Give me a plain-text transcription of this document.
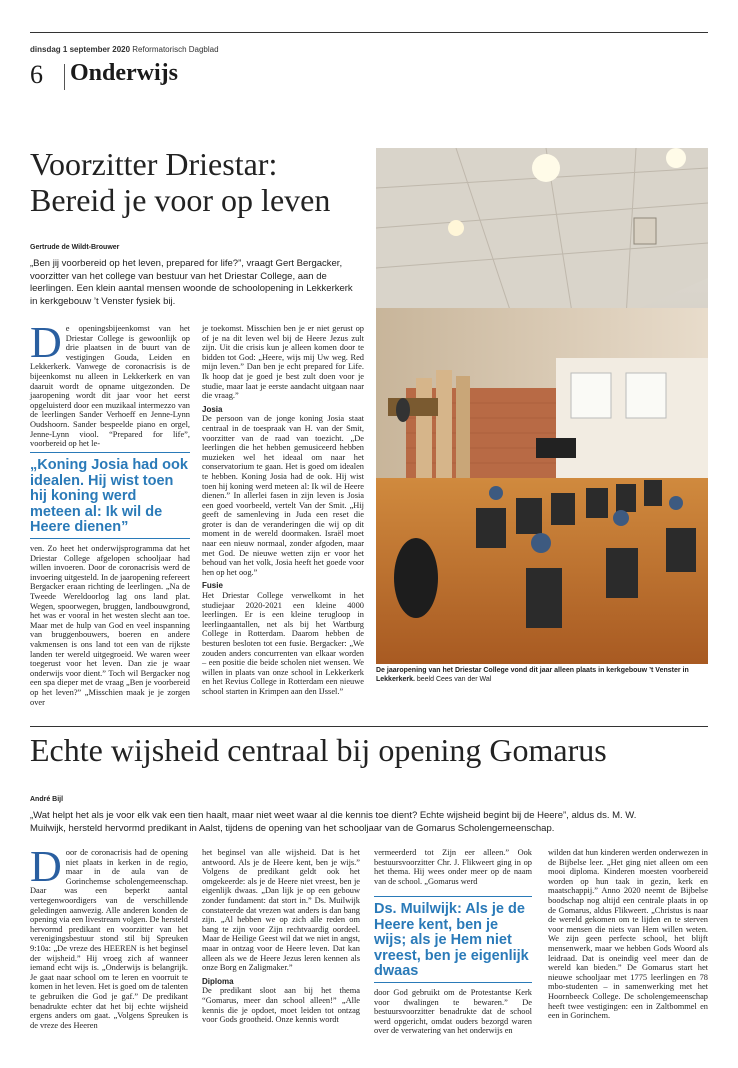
dinsdag 1 september 2020 Reformatorisch Dagblad
6 Onderwijs
Voorzitter Driestar: Bereid je voor op leven
Gertrude de Wildt-Brouwer
„Ben jij voorbereid op het leven, prepared for life?”, vraagt Gert Bergacker, voorzitter van het college van bestuur van het Driestar College, aan de leerlingen. Een klein aantal mensen woonde de schoolopening in Lekkerkerk in kerkgebouw ’t Venster fysiek bij.
De openingsbijeenkomst van het Driestar College is gewoonlijk op drie plaatsen in de buurt van de vestigingen Gouda, Leiden en Lekkerkerk. Vanwege de coronacrisis is de bijeenkomst nu alleen in Lekkerkerk en van daaruit wordt de opname uitgezonden. De jaaropening wordt dit jaar voor het eerst opgeluisterd door een muzikaal intermezzo van de leerlingen Sander Verhoeff en Jenne-Lynn Oudshoorn. Sander bespeelde piano en orgel, Jenne-Lynn viool. “Prepared for life”, voorbereid op het le-
„Koning Josia had ook idealen. Hij wist toen hij koning werd meteen al: Ik wil de Heere dienen”
ven. Zo heet het onderwijsprogramma dat het Driestar College afgelopen schooljaar had willen invoeren. Door de coronacrisis werd de invoering uitgesteld. In de jaaropening refereert Bergacker eraan richting de leerlingen. „Na de Tweede Wereldoorlog lag ons land plat. Wegen, spoorwegen, bruggen, landbouwgrond, het was er vooral in het westen slecht aan toe. Maar met de hulp van God en veel inspanning van bruggenbouwers, boeren en andere vakmensen is ons land tot een van de rijkste landen ter wereld uitgegroeid. We waren weer toegerust voor het leven. Dan zie je waar onderwijs voor dient.” Toch wil Bergacker nog een spa dieper met de vraag „Ben je voorbereid op het leven?” „Misschien maak je je zorgen over

je toekomst. Misschien ben je er niet gerust op of je na dit leven wel bij de Heere Jezus zult zijn. Uit die crisis kun je alleen komen door te bidden tot God: „Heere, wijs mij Uw weg. Red mijn leven.” Dan ben je echt prepared for Life. Ik hoop dat je goed je best zult doen voor je studie, maar laat je eerste aandacht uitgaan naar die vraag.”

Josia

De persoon van de jonge koning Josia staat centraal in de toespraak van H. van der Smit, voorzitter van de raad van toezicht. „De leerlingen die het hebben gemusiceerd hebben muzieken wel het ideaal om naar het conservatorium te gaan. Het is goed om idealen te hebben. Koning Josia had de ook. Hij wist toen hij koning werd meteen al: Ik wil de Heere dienen.” In allerlei fasen in zijn leven is Josia een goed voorbeeld, vertelt Van der Smit. „Hij geeft de samenleving in Juda een reset die groter is dan de veranderingen die wij op dit moment in de wereld doormaken. Israël moet naar een nieuw normaal, zonder afgoden, maar met God. De nieuwe wetten zijn er voor het behoud van het volk, Josia heeft het goede voor hen op het oog.”

Fusie

Het Driestar College verwelkomt in het studiejaar 2020-2021 een kleine 4000 leerlingen. Er is een kleine terugloop in leerlingaantallen, net als bij het Wartburg College in Rotterdam. Daarom hebben de besturen besloten tot een fusie. Bergacker: „We zouden anders concurrenten van elkaar worden – een positie die beide scholen niet wensen. We willen in plaats van onze school in Lekkerkerk en het Revius College in Rotterdam een nieuwe school starten in Krimpen aan den IJssel.”

De jaaropening van het Driestar College vond dit jaar alleen plaats in kerkgebouw ’t Venster in Lekkerkerk. beeld Cees van der Wal
Echte wijsheid centraal bij opening Gomarus
André Bijl
„Wat helpt het als je voor elk vak een tien haalt, maar niet weet waar al die kennis toe dient? Echte wijsheid begint bij de Heere”, aldus ds. M. W. Muilwijk, hersteld hervormd predikant in Aalst, tijdens de opening van het schooljaar van de Gomarus Scholengemeenschap.
Door de coronacrisis had de opening niet plaats in kerken in de regio, maar in de aula van de Gorinchemse scholengemeenschap. Daar was een beperkt aantal vertegenwoordigers van de verschillende geledingen aanwezig. Alle anderen konden de opening via een livestream volgen. De hersteld hervormd predikant en voorzitter van het verenigingsbestuur stond stil bij Spreuken 9:10a: „De vreze des HEEREN is het beginsel der wijsheid.” Hij vroeg zich af wanneer iemand echt wijs is. „Onderwijs is belangrijk. Je gaat naar school om te leren en voorruit te komen in het leven. Het is goed om de talenten te gebruiken die God je gaf.” De predikant benadrukte echter dat het bij echte wijsheid ergens anders om gaat. „Volgens Spreuken is de vreze des Heeren

het beginsel van alle wijsheid. Dat is het antwoord. Als je de Heere kent, ben je wijs.” Volgens de predikant geldt ook het omgekeerde: als je de Heere niet vreest, ben je eigenlijk dwaas. „Dan lijk je op een gebouw zonder fundament: dat stort in.” Ds. Muilwijk constateerde dat vrezen wat anders is dan bang zijn. „Al hebben we op zich alle reden om bang te zijn voor Zijn rechtvaardig oordeel. Maar de Heilige Geest wil dat we niet in angst, maar in ontzag voor de Heere leven. Dat kan alleen als we de Heere Jezus leren kennen als onze Borg en Zaligmaker.”

Diploma

De predikant sloot aan bij het thema “Gomarus, meer dan school alleen!” „Alle kennis die je opdoet, moet leiden tot ontzag voor Gods grootheid. Onze kennis wordt

vermeerderd tot Zijn eer alleen.” Ook bestuursvoorzitter Chr. J. Flikweert ging in op het thema. Hij wees onder meer op de naam van de school. „Gomarus werd
Ds. Muilwijk: Als je de Heere kent, ben je wijs; als je Hem niet vreest, ben je eigenlijk dwaas
door God gebruikt om de Protestantse Kerk voor dwalingen te bewaren.” De bestuursvoorzitter benadrukte dat de school werd opgericht, omdat ouders bezorgd waren over de verwatering van het onderwijs en
wilden dat hun kinderen werden onderwezen in de Bijbelse leer. „Het ging niet alleen om een mooi diploma. Kinderen moesten voorbereid worden op hun taak in gezin, kerk en maatschappij.” Anno 2020 neemt de Bijbelse boodschap nog altijd een centrale plaats in op de Gomarus, aldus Flikweert. „Christus is naar de wereld gekomen om te lijden en te sterven voor mensen die niets van Hem willen weten. We zijn geen perfecte school, het blijft mensenwerk, maar we hebben Gods Woord als leidraad. Dat is oneindig veel meer dan de wereld kan bieden.” De Gomarus start het nieuwe schooljaar met 1775 leerlingen en 78 mbo-studenten – in samenwerking met het Hoornbeeck College. De scholengemeenschap heeft twee vestigingen: een in Zaltbommel en een in Gorinchem.
